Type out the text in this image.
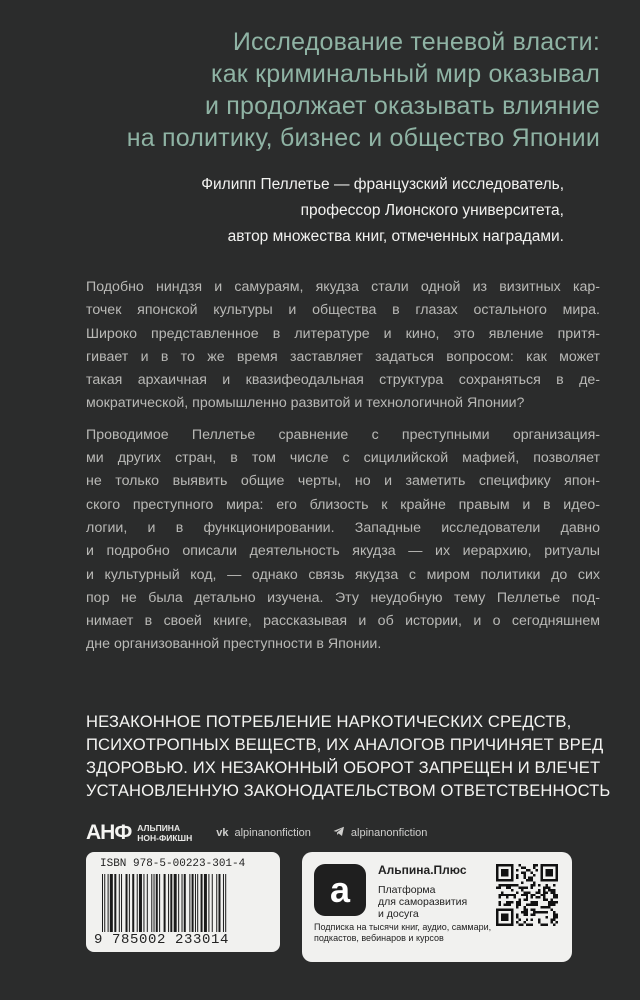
Исследование теневой власти:
как криминальный мир оказывал
и продолжает оказывать влияние
на политику, бизнес и общество Японии
Филипп Пеллетье — французский исследователь,
профессор Лионского университета,
автор множества книг, отмеченных наградами.

Подобно ниндзя и самураям, якудза стали одной из визитных кар-
точек японской культуры и общества в глазах остального мира.
Широко представленное в литературе и кино, это явление притя-
гивает и в то же время заставляет задаться вопросом: как может
такая архаичная и квазифеодальная структура сохраняться в де-
мократической, промышленно развитой и технологичной Японии?

Проводимое Пеллетье сравнение с преступными организация-
ми других стран, в том числе с сицилийской мафией, позволяет
не только выявить общие черты, но и заметить специфику япон-
ского преступного мира: его близость к крайне правым и в идео-
логии, и в функционировании. Западные исследователи давно
и подробно описали деятельность якудза — их иерархию, ритуалы
и культурный код, — однако связь якудза с миром политики до сих
пор не была детально изучена. Эту неудобную тему Пеллетье под-
нимает в своей книге, рассказывая и об истории, и о сегодняшнем
дне организованной преступности в Японии.

НЕЗАКОННОЕ ПОТРЕБЛЕНИЕ НАРКОТИЧЕСКИХ СРЕДСТВ,
ПСИХОТРОПНЫХ ВЕЩЕСТВ, ИХ АНАЛОГОВ ПРИЧИНЯЕТ ВРЕД
ЗДОРОВЬЮ. ИХ НЕЗАКОННЫЙ ОБОРОТ ЗАПРЕЩЕН И ВЛЕЧЕТ
УСТАНОВЛЕННУЮ ЗАКОНОДАТЕЛЬСТВОМ ОТВЕТСТВЕННОСТЬ
АНФ АЛЬПИНА
НОН-ФИКШН vk alpinanonfiction	alpinanonfiction
ISBN 978-5-00223-301-4
9 785002 233014
a	Альпина.Плюс
Платформа
для саморазвития
и досуга
Подписка на тысячи книг, аудио, саммари,
подкастов, вебинаров и курсов
